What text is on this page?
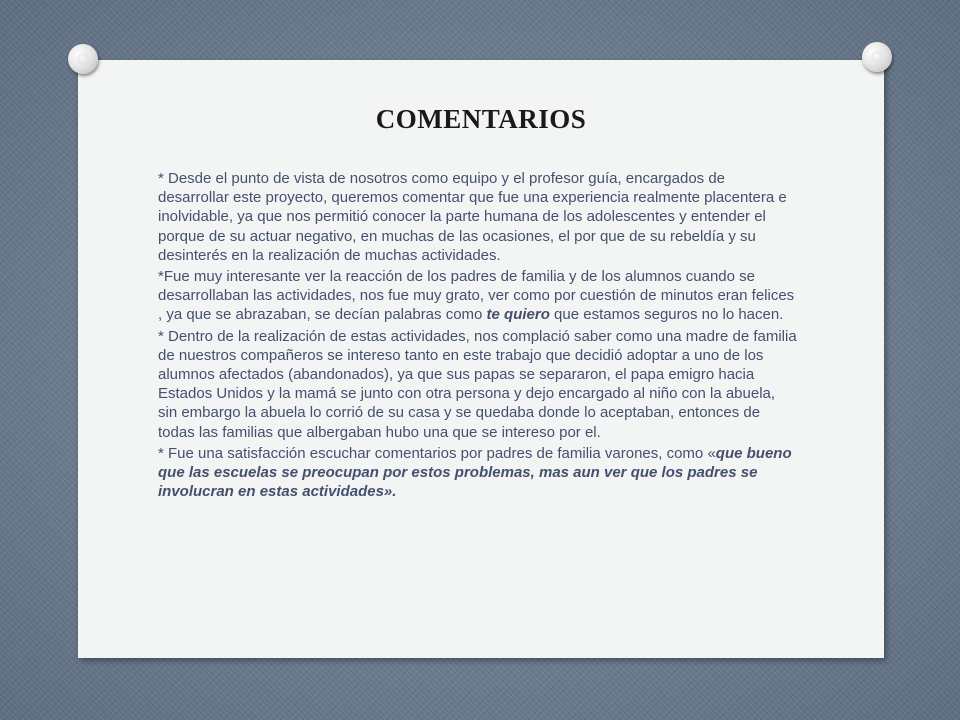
COMENTARIOS

* Desde el punto de vista de nosotros como equipo y el profesor guía, encargados de desarrollar este proyecto, queremos comentar que fue una experiencia realmente placentera e inolvidable, ya que nos permitió conocer la parte humana de los adolescentes y entender el porque de su actuar negativo, en muchas de las ocasiones, el por que de su rebeldía y su desinterés en la realización de muchas actividades.

*Fue muy interesante ver la reacción de los padres de familia y de los alumnos cuando se desarrollaban las actividades, nos fue muy grato, ver como por cuestión de minutos eran felices , ya que se abrazaban, se decían palabras como te quiero que estamos seguros no lo hacen.

* Dentro de la realización de estas actividades, nos complació saber como una madre de familia de nuestros compañeros se intereso tanto en este trabajo que decidió adoptar a uno de los alumnos afectados (abandonados), ya que sus papas se separaron, el papa emigro hacia Estados Unidos y la mamá se junto con otra persona y dejo encargado al niño con la abuela, sin embargo la abuela lo corrió de su casa y se quedaba donde lo aceptaban, entonces de todas las familias que albergaban hubo una que se intereso por el.

* Fue una satisfacción escuchar comentarios por padres de familia varones, como «que bueno que las escuelas se preocupan por estos problemas, mas aun ver que los padres se involucran en estas actividades».
